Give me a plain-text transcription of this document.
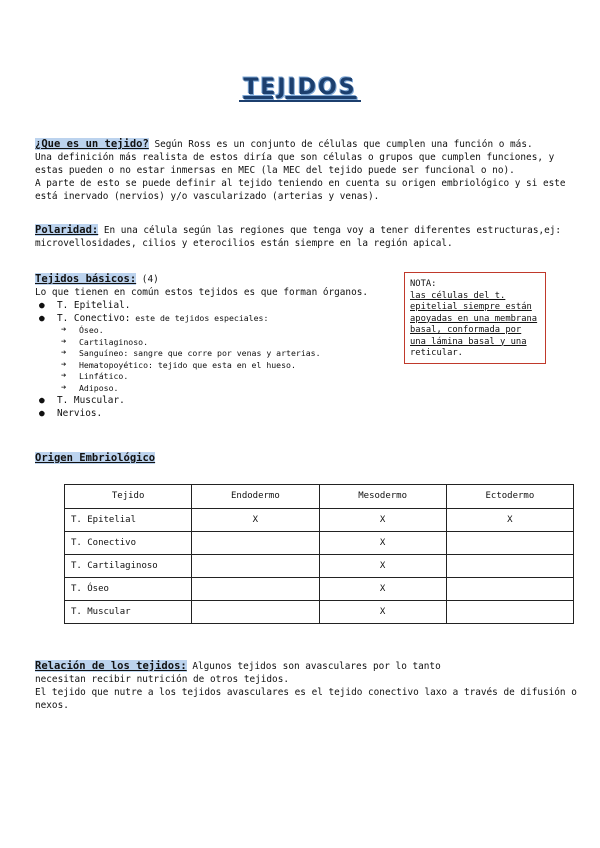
TEJIDOS

¿Que es un tejido? Según Ross es un conjunto de células que cumplen una función o más.

Una definición más realista de estos diría que son células o grupos que cumplen funciones, y

estas pueden o no estar inmersas en MEC (la MEC del tejido puede ser funcional o no).

A parte de esto se puede definir al tejido teniendo en cuenta su origen embriológico y si este

está inervado (nervios) y/o vascularizado (arterias y venas).

Polaridad: En una célula según las regiones que tenga voy a tener diferentes estructuras,ej:

microvellosidades, cilios y eterocilios están siempre en la región apical.

Tejidos básicos: (4)

Lo que tienen en común estos tejidos es que forman órganos.

● T. Epitelial.
● T. Conectivo: este de tejidos especiales:
➔ Óseo.
➔ Cartilaginoso.
➔ Sanguíneo: sangre que corre por venas y arterias.
➔ Hematopoyético: tejido que esta en el hueso.
➔ Linfático.
➔ Adiposo.
● T. Muscular.
● Nervios.
NOTA:
las células del t.
epitelial siempre están
apoyadas en una membrana
basal, conformada por
una lámina basal y una
reticular.

Origen Embriológico

Tejido	Endodermo	Mesodermo	Ectodermo
T. Epitelial	X	X	X
T. Conectivo		X	
T. Cartilaginoso		X	
T. Óseo		X	
T. Muscular		X	

Relación de los tejidos: Algunos tejidos son avasculares por lo tanto

necesitan recibir nutrición de otros tejidos.

El tejido que nutre a los tejidos avasculares es el tejido conectivo laxo a través de difusión o

nexos.
